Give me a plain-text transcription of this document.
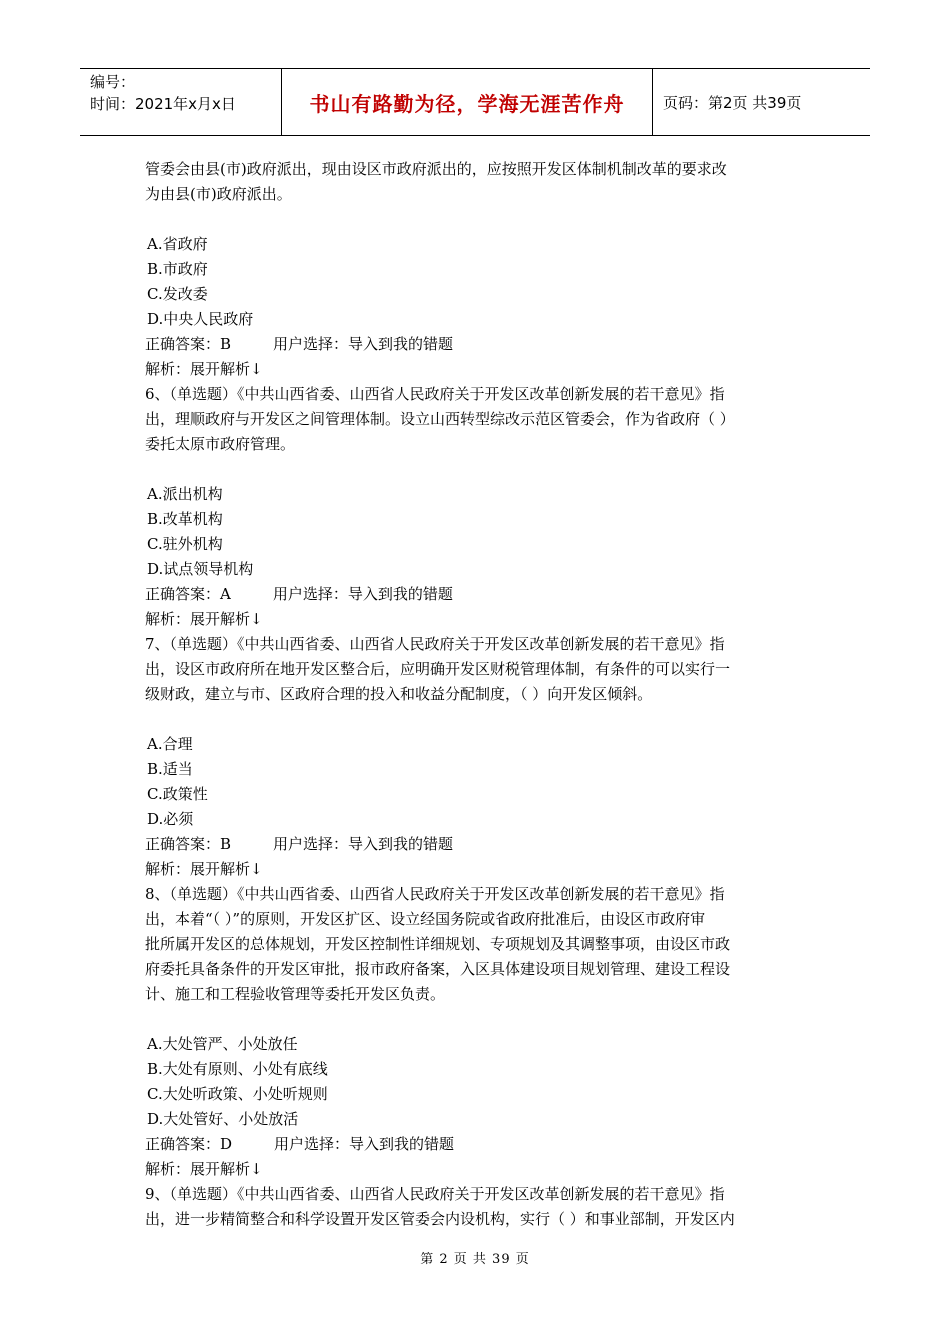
编号：
时间：2021年x月x日	书山有路勤为径，学海无涯苦作舟	页码：第2页 共39页

管委会由县(市)政府派出，现由设区市政府派出的，应按照开发区体制机制改革的要求改

为由县(市)政府派出。

A.省政府

B.市政府

C.发改委

D.中央人民政府

正确答案：B	用户选择：导入到我的错题

解析：展开解析↓

6、（单选题）《中共山西省委、山西省人民政府关于开发区改革创新发展的若干意见》指

出，理顺政府与开发区之间管理体制。设立山西转型综改示范区管委会，作为省政府（ ）

委托太原市政府管理。

A.派出机构

B.改革机构

C.驻外机构

D.试点领导机构

正确答案：A	用户选择：导入到我的错题

解析：展开解析↓

7、（单选题）《中共山西省委、山西省人民政府关于开发区改革创新发展的若干意见》指

出，设区市政府所在地开发区整合后，应明确开发区财税管理体制，有条件的可以实行一

级财政，建立与市、区政府合理的投入和收益分配制度，（ ）向开发区倾斜。

A.合理

B.适当

C.政策性

D.必须

正确答案：B	用户选择：导入到我的错题

解析：展开解析↓

8、（单选题）《中共山西省委、山西省人民政府关于开发区改革创新发展的若干意见》指

出，本着“（ ）”的原则，开发区扩区、设立经国务院或省政府批准后，由设区市政府审

批所属开发区的总体规划，开发区控制性详细规划、专项规划及其调整事项，由设区市政

府委托具备条件的开发区审批，报市政府备案，入区具体建设项目规划管理、建设工程设

计、施工和工程验收管理等委托开发区负责。

A.大处管严、小处放任

B.大处有原则、小处有底线

C.大处听政策、小处听规则

D.大处管好、小处放活

正确答案：D	用户选择：导入到我的错题

解析：展开解析↓

9、（单选题）《中共山西省委、山西省人民政府关于开发区改革创新发展的若干意见》指

出，进一步精简整合和科学设置开发区管委会内设机构，实行（ ）和事业部制，开发区内

第 2 页 共 39 页
